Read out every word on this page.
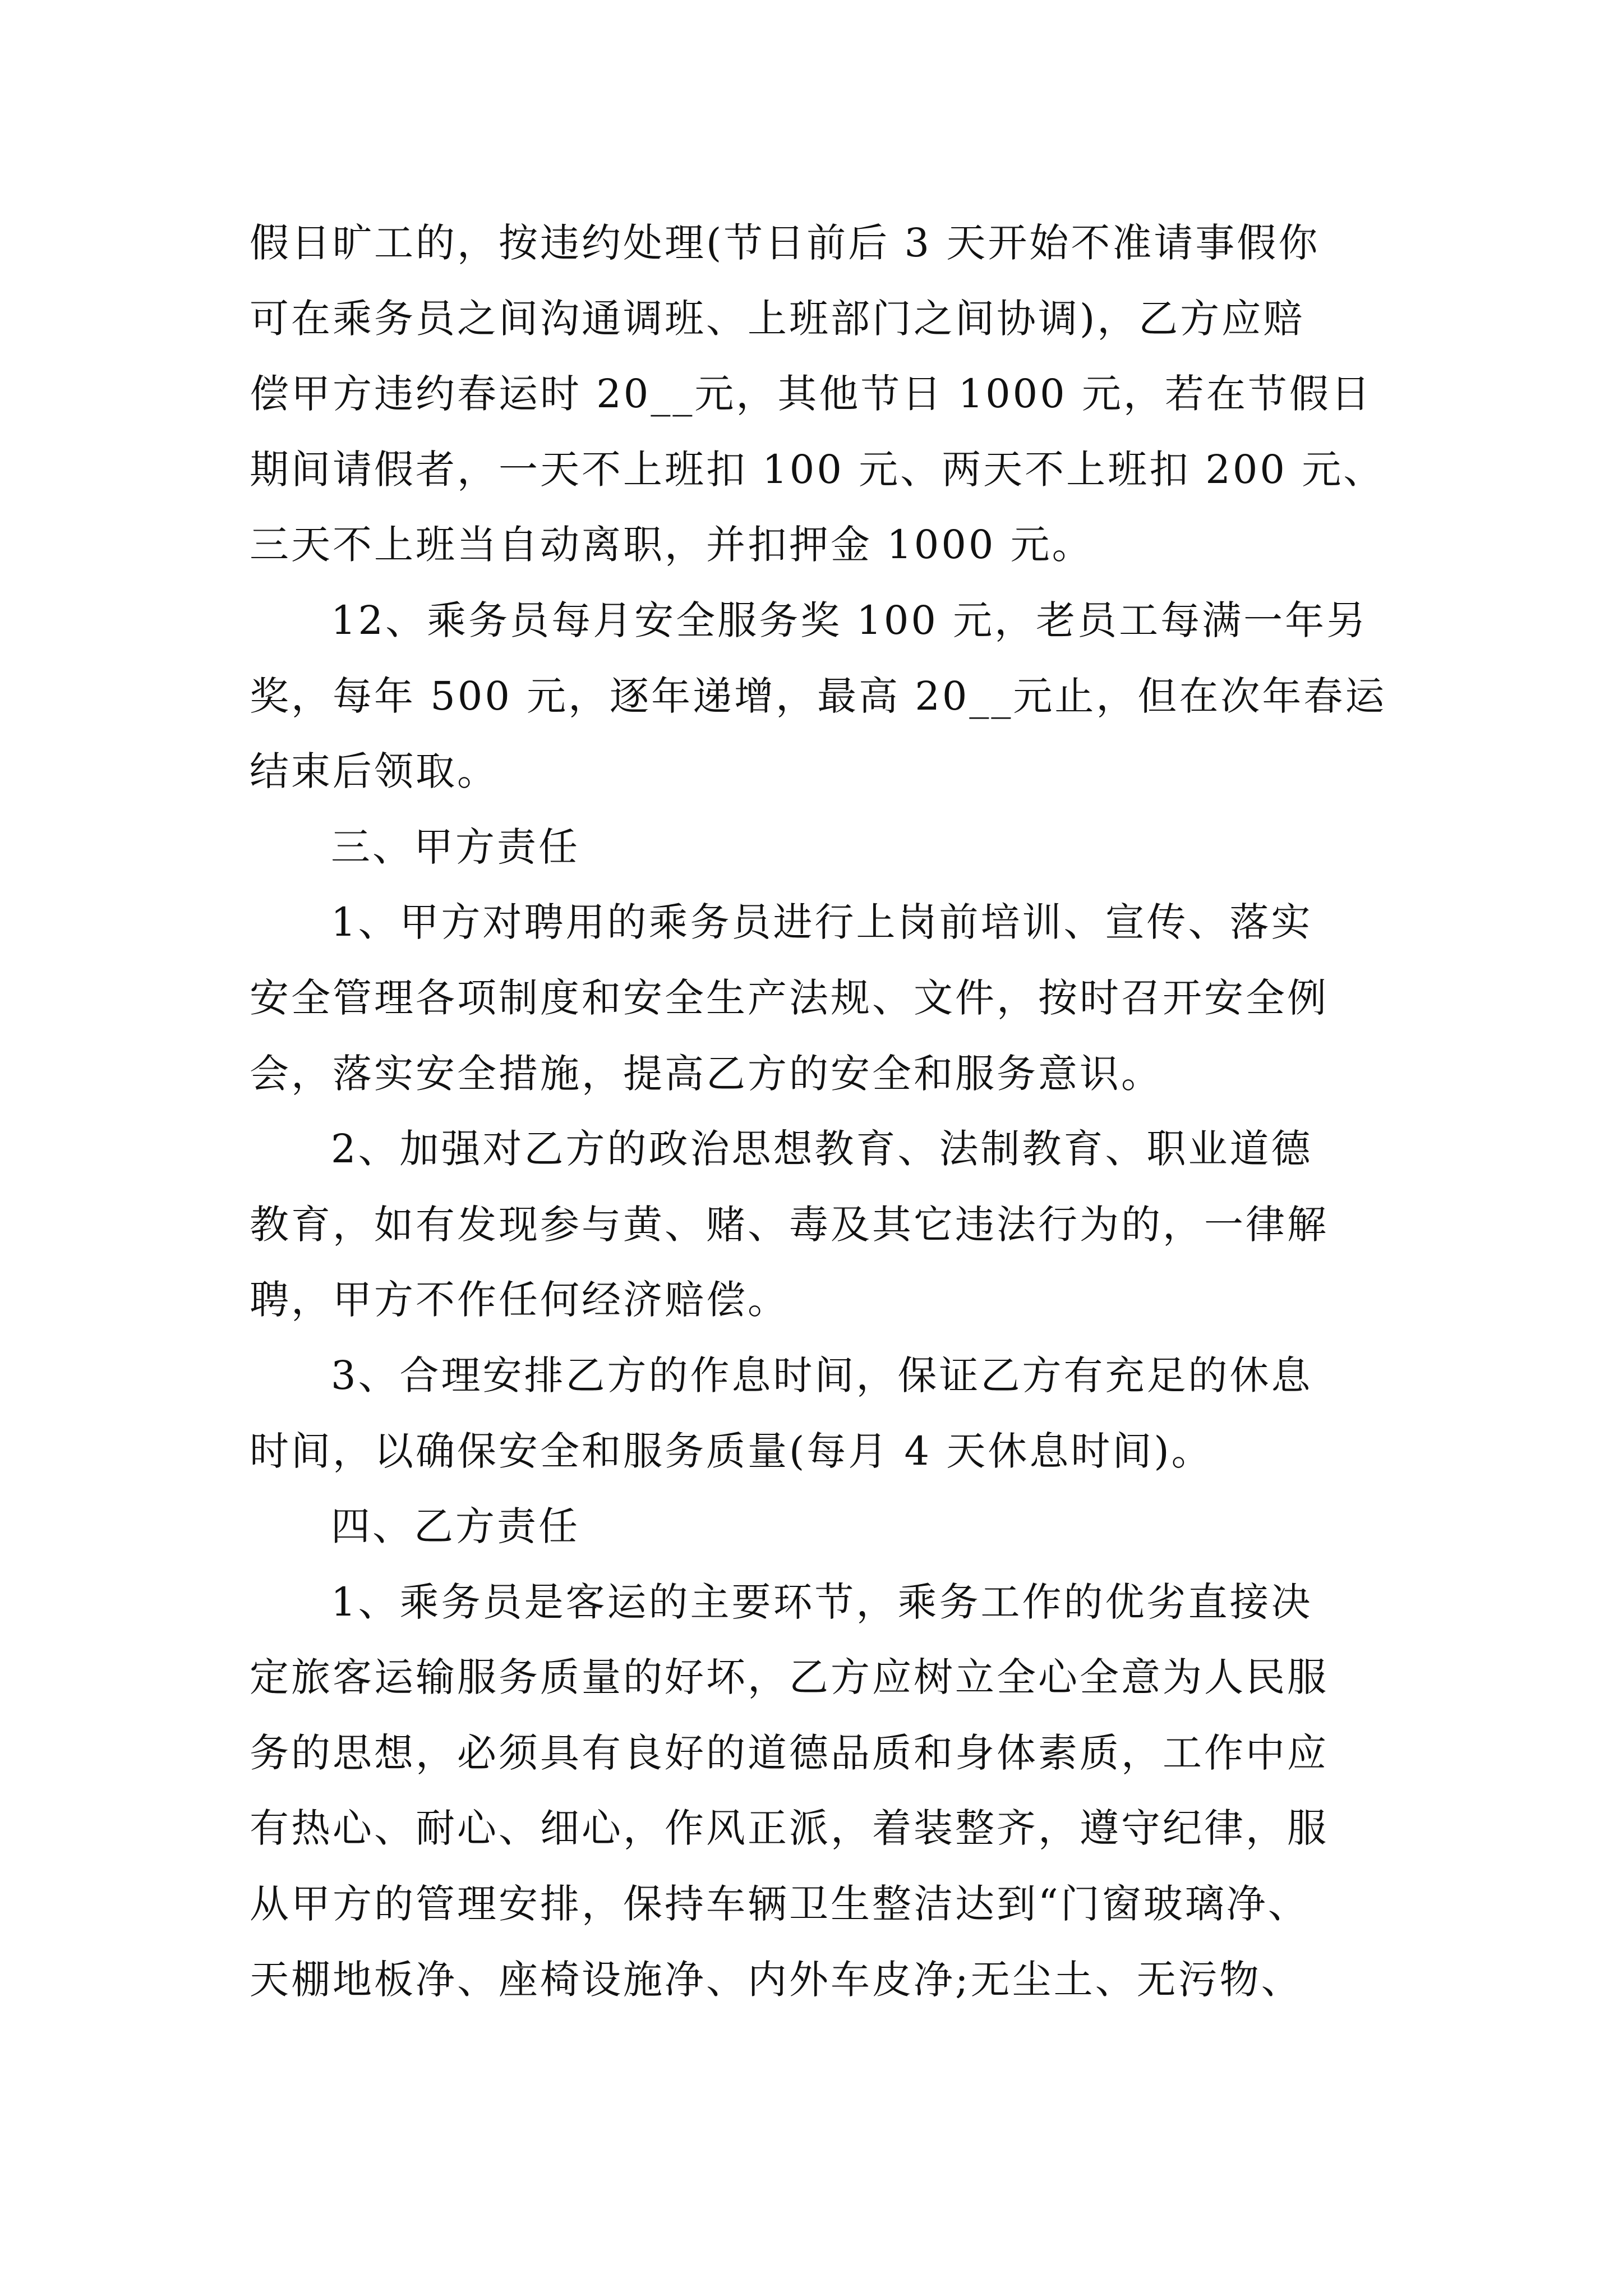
假日旷工的，按违约处理(节日前后 3 天开始不准请事假你
可在乘务员之间沟通调班、上班部门之间协调)，乙方应赔
偿甲方违约春运时 20__元，其他节日 1000 元，若在节假日
期间请假者，一天不上班扣 100 元、两天不上班扣 200 元、
三天不上班当自动离职，并扣押金 1000 元。
12、乘务员每月安全服务奖 100 元，老员工每满一年另
奖，每年 500 元，逐年递增，最高 20__元止，但在次年春运
结束后领取。
三、甲方责任
1、甲方对聘用的乘务员进行上岗前培训、宣传、落实
安全管理各项制度和安全生产法规、文件，按时召开安全例
会，落实安全措施，提高乙方的安全和服务意识。
2、加强对乙方的政治思想教育、法制教育、职业道德
教育，如有发现参与黄、赌、毒及其它违法行为的，一律解
聘，甲方不作任何经济赔偿。
3、合理安排乙方的作息时间，保证乙方有充足的休息
时间，以确保安全和服务质量(每月 4 天休息时间)。
四、乙方责任
1、乘务员是客运的主要环节，乘务工作的优劣直接决
定旅客运输服务质量的好坏，乙方应树立全心全意为人民服
务的思想，必须具有良好的道德品质和身体素质，工作中应
有热心、耐心、细心，作风正派，着装整齐，遵守纪律，服
从甲方的管理安排，保持车辆卫生整洁达到“门窗玻璃净、
天棚地板净、座椅设施净、内外车皮净;无尘土、无污物、
